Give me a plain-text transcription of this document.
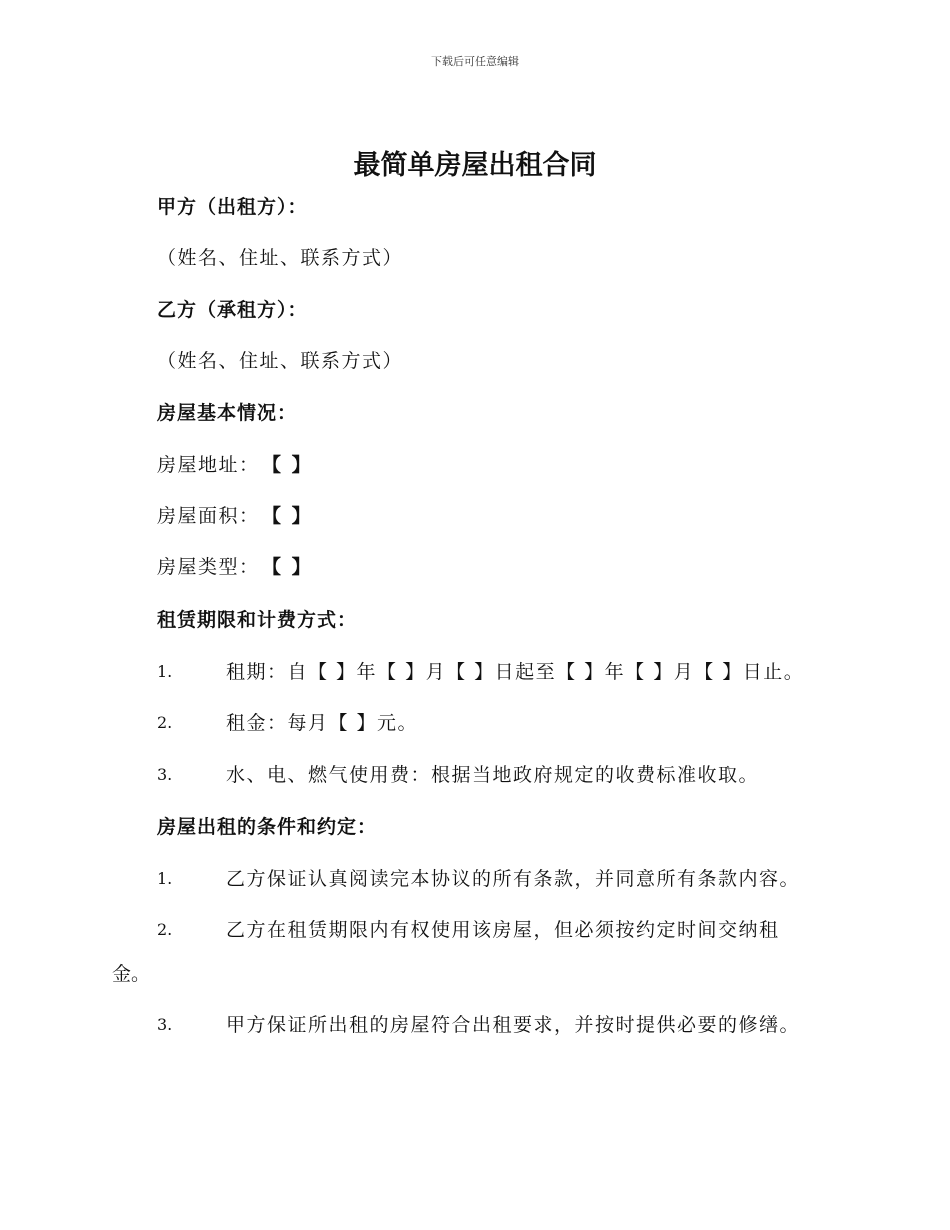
下载后可任意编辑
最简单房屋出租合同
甲方（出租方）：
（姓名、住址、联系方式）
乙方（承租方）：
（姓名、住址、联系方式）
房屋基本情况：
房屋地址： 【 】
房屋面积： 【 】
房屋类型： 【 】
租赁期限和计费方式：
1.	租期：自【 】年【 】月【 】日起至【 】年【 】月【 】日止。
2.	租金：每月【 】元。
3.	水、电、燃气使用费：根据当地政府规定的收费标准收取。
房屋出租的条件和约定：
1.	乙方保证认真阅读完本协议的所有条款，并同意所有条款内容。
2.	乙方在租赁期限内有权使用该房屋，但必须按约定时间交纳租
金。
3.	甲方保证所出租的房屋符合出租要求，并按时提供必要的修缮。
